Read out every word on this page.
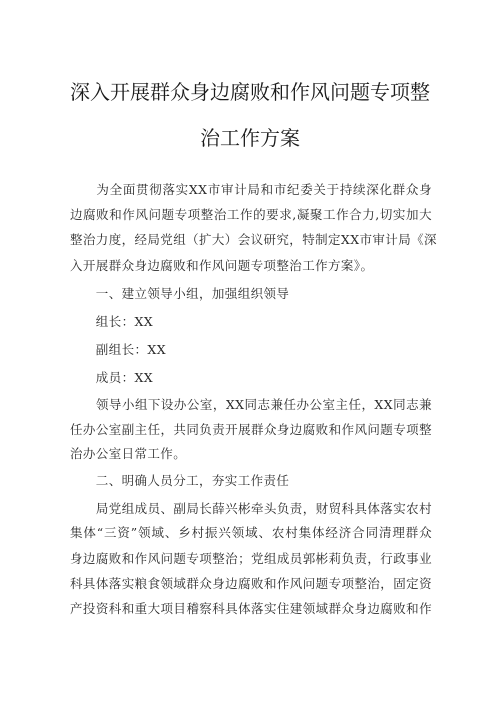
深入开展群众身边腐败和作风问题专项整
治工作方案
　　为全面贯彻落实XX市审计局和市纪委关于持续深化群众身
边腐败和作风问题专项整治工作的要求,凝聚工作合力,切实加大
整治力度，经局党组（扩大）会议研究，特制定XX市审计局《深
入开展群众身边腐败和作风问题专项整治工作方案》。
　　一、建立领导小组，加强组织领导
　　组长：XX
　　副组长：XX
　　成员：XX
　　领导小组下设办公室，XX同志兼任办公室主任，XX同志兼
任办公室副主任，共同负责开展群众身边腐败和作风问题专项整
治办公室日常工作。
　　二、明确人员分工，夯实工作责任
　　局党组成员、副局长薛兴彬牵头负责，财贸科具体落实农村
集体“三资”领域、乡村振兴领域、农村集体经济合同清理群众
身边腐败和作风问题专项整治；党组成员郭彬莉负责，行政事业
科具体落实粮食领域群众身边腐败和作风问题专项整治，固定资
产投资科和重大项目稽察科具体落实住建领域群众身边腐败和作
